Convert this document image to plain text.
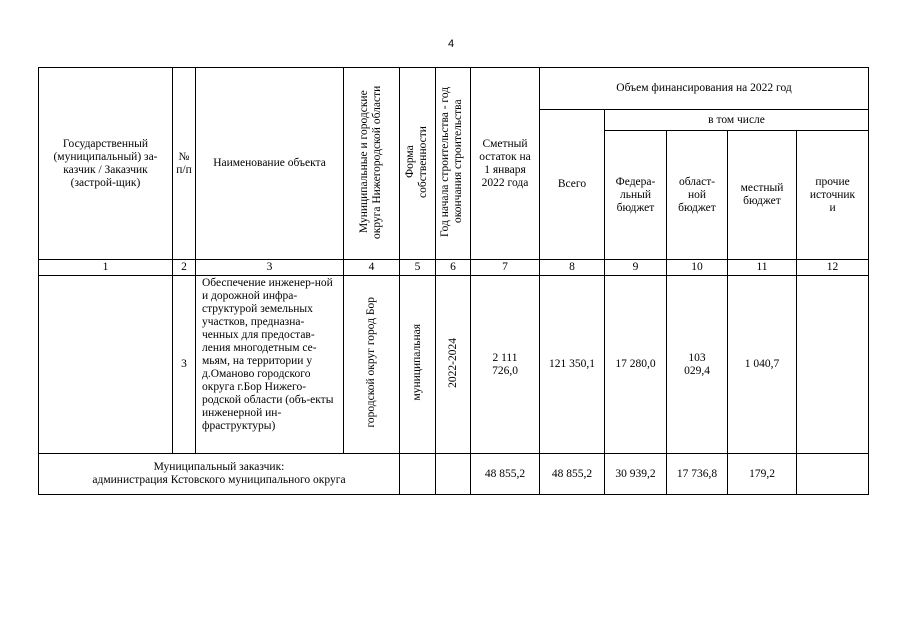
4
Государственный (муниципальный) за-казчик / Заказчик (застрой-щик)	№ п/п	Наименование объекта	Муниципальные и городские округа Нижегородской области	Форма собственности	Год начала строительства - год окончания строительства	Сметный остаток на 1 января 2022 года	Объем финансирования на 2022 год				
							Всего	в том числе			
								Федера-льный бюджет	област-ной бюджет	местный бюджет	прочие источник и
1	2	3	4	5	6	7	8	9	10	11	12
	3	Обеспечение инженер-ной и дорожной инфра-структурой земельных участков, предназна-ченных для предостав-ления многодетным се-мьям, на территории у д.Оманово городского округа г.Бор Нижего-родской области (объ-екты инженерной ин-фраструктуры)	городской округ город Бор	муниципальная	2022-2024	2 111 726,0	121 350,1	17 280,0	103 029,4	1 040,7	

Муниципальный заказчик:
администрация Кстовского муниципального округа						48 855,2	48 855,2	30 939,2	17 736,8	179,2	
